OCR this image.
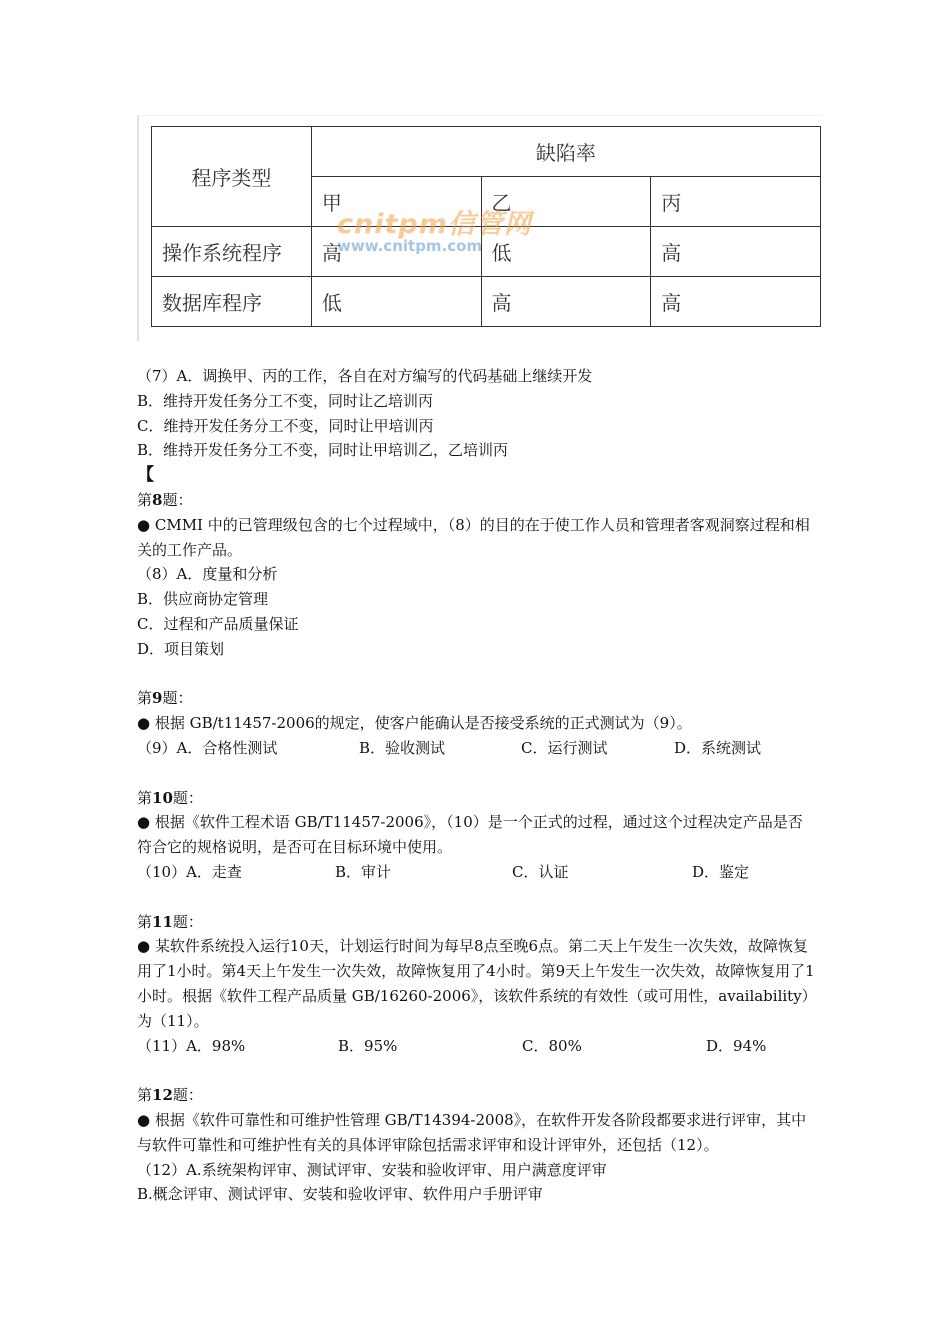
程序类型	缺陷率		
	甲	乙	丙
操作系统程序	高	低	高
数据库程序	低	高	高
cnitpm信管网
www.cnitpm.com
（7）A．调换甲、丙的工作，各自在对方编写的代码基础上继续开发
B．维持开发任务分工不变，同时让乙培训丙
C．维持开发任务分工不变，同时让甲培训丙
B．维持开发任务分工不变，同时让甲培训乙，乙培训丙
【
第8题：
● CMMI 中的已管理级包含的七个过程域中，（8）的目的在于使工作人员和管理者客观洞察过程和相关的工作产品。
（8）A．度量和分析
B．供应商协定管理
C．过程和产品质量保证
D．项目策划
第9题：
● 根据 GB/t11457-2006的规定，使客户能确认是否接受系统的正式测试为（9）。
（9）A．合格性测试	B．验收测试	C．运行测试	D．系统测试
第10题：
● 根据《软件工程术语 GB/T11457-2006》，（10）是一个正式的过程，通过这个过程决定产品是否符合它的规格说明，是否可在目标环境中使用。
（10）A．走查	B．审计	C．认证	D．鉴定
第11题：
● 某软件系统投入运行10天，计划运行时间为每早8点至晚6点。第二天上午发生一次失效，故障恢复用了1小时。第4天上午发生一次失效，故障恢复用了4小时。第9天上午发生一次失效，故障恢复用了1小时。根据《软件工程产品质量 GB/16260-2006》，该软件系统的有效性（或可用性，availability）为（11）。
（11）A．98%	B．95%	C．80%	D．94%
第12题：
● 根据《软件可靠性和可维护性管理 GB/T14394-2008》，在软件开发各阶段都要求进行评审，其中与软件可靠性和可维护性有关的具体评审除包括需求评审和设计评审外，还包括（12）。
（12）A.系统架构评审、测试评审、安装和验收评审、用户满意度评审
B.概念评审、测试评审、安装和验收评审、软件用户手册评审
